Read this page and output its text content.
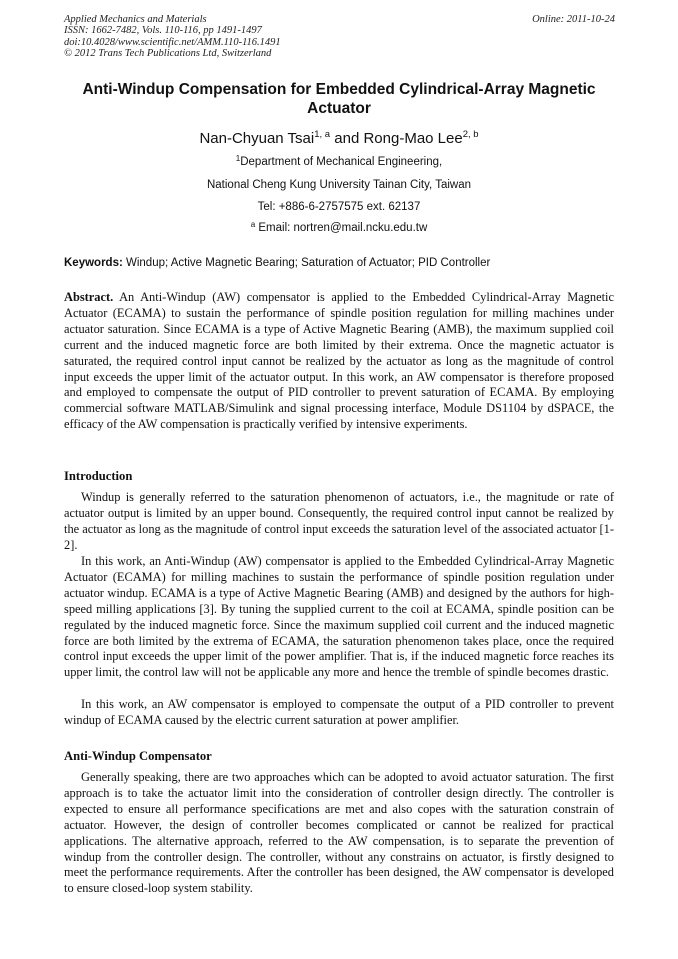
Applied Mechanics and Materials
ISSN: 1662-7482, Vols. 110-116, pp 1491-1497
doi:10.4028/www.scientific.net/AMM.110-116.1491
© 2012 Trans Tech Publications Ltd, Switzerland
Online: 2011-10-24
Anti-Windup Compensation for Embedded Cylindrical-Array Magnetic
Actuator
Nan-Chyuan Tsai$^{1, a}$ and Rong-Mao Lee$^{2, b}$
$^1$Department of Mechanical Engineering,
National Cheng Kung University Tainan City, Taiwan
Tel: +886-6-2757575 ext. 62137
$^a$ Email: nortren@mail.ncku.edu.tw
Keywords: Windup; Active Magnetic Bearing; Saturation of Actuator; PID Controller
Abstract. An Anti-Windup (AW) compensator is applied to the Embedded Cylindrical-Array Magnetic Actuator (ECAMA) to sustain the performance of spindle position regulation for milling machines under actuator saturation. Since ECAMA is a type of Active Magnetic Bearing (AMB), the maximum supplied coil current and the induced magnetic force are both limited by their extrema. Once the magnetic actuator is saturated, the required control input cannot be realized by the actuator as long as the magnitude of control input exceeds the upper limit of the actuator output. In this work, an AW compensator is therefore proposed and employed to compensate the output of PID controller to prevent saturation of ECAMA. By employing commercial software MATLAB/Simulink and signal processing interface, Module DS1104 by dSPACE, the efficacy of the AW compensation is practically verified by intensive experiments.
Introduction
Windup is generally referred to the saturation phenomenon of actuators, i.e., the magnitude or rate of actuator output is limited by an upper bound. Consequently, the required control input cannot be realized by the actuator as long as the magnitude of control input exceeds the saturation level of the associated actuator [1-2].
In this work, an Anti-Windup (AW) compensator is applied to the Embedded Cylindrical-Array Magnetic Actuator (ECAMA) for milling machines to sustain the performance of spindle position regulation under actuator windup. ECAMA is a type of Active Magnetic Bearing (AMB) and designed by the authors for high-speed milling applications [3]. By tuning the supplied current to the coil at ECAMA, spindle position can be regulated by the induced magnetic force. Since the maximum supplied coil current and the induced magnetic force are both limited by the extrema of ECAMA, the saturation phenomenon takes place, once the required control input exceeds the upper limit of the power amplifier. That is, if the induced magnetic force reaches its upper limit, the control law will not be applicable any more and hence the tremble of spindle becomes drastic.
In this work, an AW compensator is employed to compensate the output of a PID controller to prevent windup of ECAMA caused by the electric current saturation at power amplifier.
Anti-Windup Compensator
Generally speaking, there are two approaches which can be adopted to avoid actuator saturation. The first approach is to take the actuator limit into the consideration of controller design directly. The controller is expected to ensure all performance specifications are met and also copes with the saturation constrain of actuator. However, the design of controller becomes complicated or cannot be realized for practical applications. The alternative approach, referred to the AW compensation, is to separate the prevention of windup from the controller design. The controller, without any constrains on actuator, is firstly designed to meet the performance requirements. After the controller has been designed, the AW compensator is developed to ensure closed-loop system stability.
